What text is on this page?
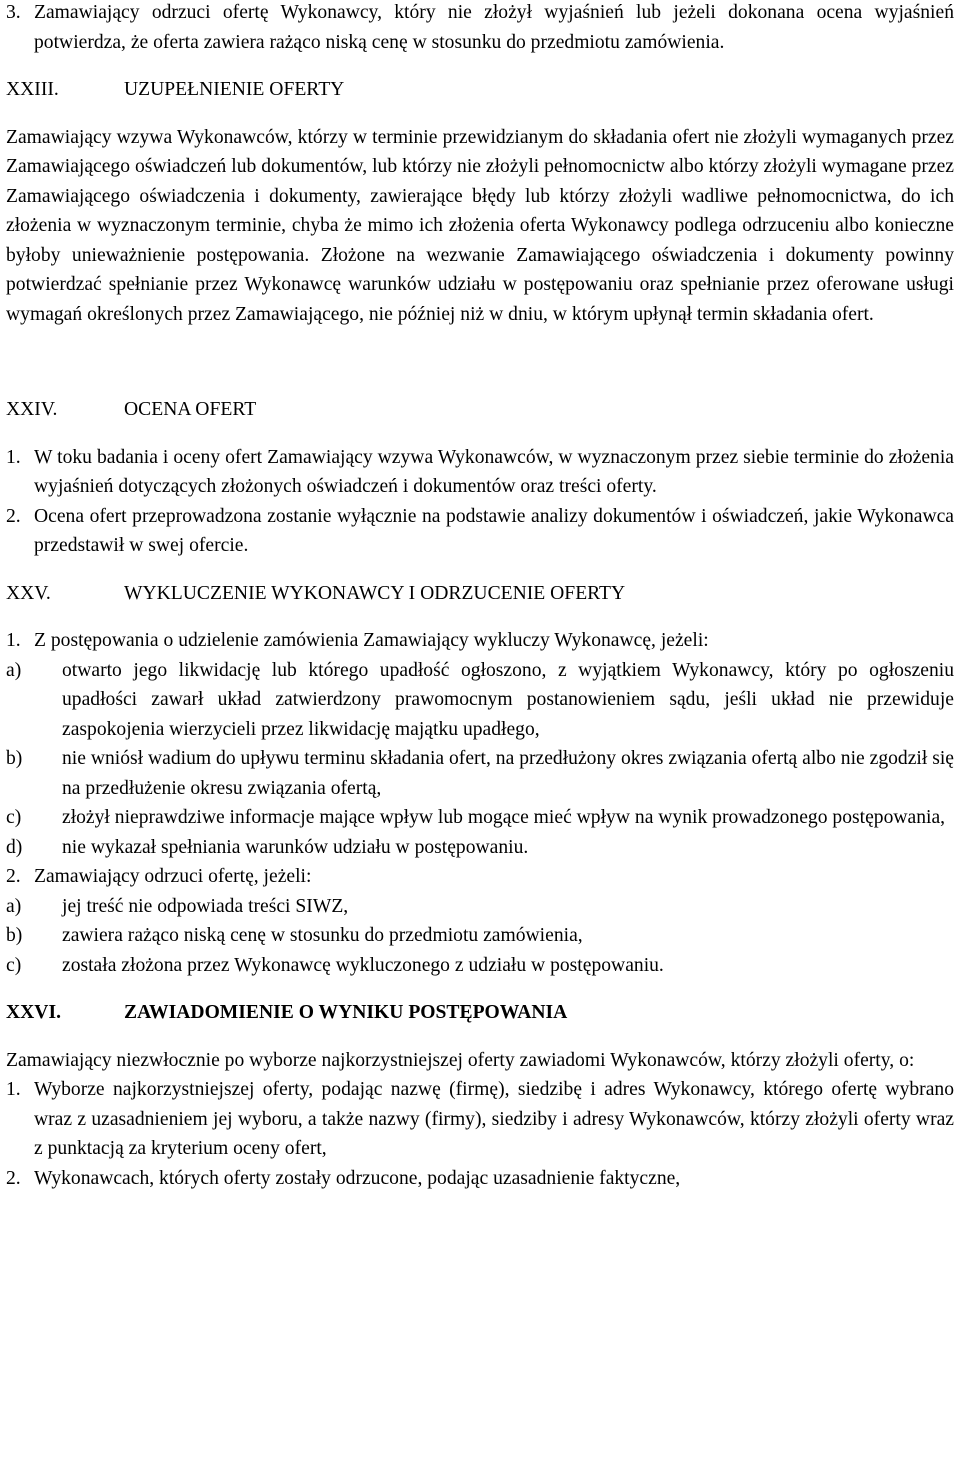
3. Zamawiający odrzuci ofertę Wykonawcy, który nie złożył wyjaśnień lub jeżeli dokonana ocena wyjaśnień potwierdza, że oferta zawiera rażąco niską cenę w stosunku do przedmiotu zamówienia.
XXIII.	UZUPEŁNIENIE OFERTY

Zamawiający wzywa Wykonawców, którzy w terminie przewidzianym do składania ofert nie złożyli wymaganych przez Zamawiającego oświadczeń lub dokumentów, lub którzy nie złożyli pełnomocnictw albo którzy złożyli wymagane przez Zamawiającego oświadczenia i dokumenty, zawierające błędy lub którzy złożyli wadliwe pełnomocnictwa, do ich złożenia w wyznaczonym terminie, chyba że mimo ich złożenia oferta Wykonawcy podlega odrzuceniu albo konieczne byłoby unieważnienie postępowania. Złożone na wezwanie Zamawiającego oświadczenia i dokumenty powinny potwierdzać spełnianie przez Wykonawcę warunków udziału w postępowaniu oraz spełnianie przez oferowane usługi wymagań określonych przez Zamawiającego, nie później niż w dniu, w którym upłynął termin składania ofert.

XXIV.	OCENA OFERT
1. W toku badania i oceny ofert Zamawiający wzywa Wykonawców, w wyznaczonym przez siebie terminie do złożenia wyjaśnień dotyczących złożonych oświadczeń i dokumentów oraz treści oferty.
2. Ocena ofert przeprowadzona zostanie wyłącznie na podstawie analizy dokumentów i oświadczeń, jakie Wykonawca przedstawił w swej ofercie.
XXV.	WYKLUCZENIE WYKONAWCY I ODRZUCENIE OFERTY
1. Z postępowania o udzielenie zamówienia Zamawiający wykluczy Wykonawcę, jeżeli:
a)	otwarto jego likwidację lub którego upadłość ogłoszono, z wyjątkiem Wykonawcy, który po ogłoszeniu upadłości zawarł układ zatwierdzony prawomocnym postanowieniem sądu, jeśli układ nie przewiduje zaspokojenia wierzycieli przez likwidację majątku upadłego,
b)	nie wniósł wadium do upływu terminu składania ofert, na przedłużony okres związania ofertą albo nie zgodził się na przedłużenie okresu związania ofertą,
c)	złożył nieprawdziwe informacje mające wpływ lub mogące mieć wpływ na wynik prowadzonego postępowania,
d)	nie wykazał spełniania warunków udziału w postępowaniu.
2. Zamawiający odrzuci ofertę, jeżeli:
a)	jej treść nie odpowiada treści SIWZ,
b)	zawiera rażąco niską cenę w stosunku do przedmiotu zamówienia,
c)	została złożona przez Wykonawcę wykluczonego z udziału w postępowaniu.
XXVI.	ZAWIADOMIENIE O WYNIKU POSTĘPOWANIA

Zamawiający niezwłocznie po wyborze najkorzystniejszej oferty zawiadomi Wykonawców, którzy złożyli oferty, o:

1. Wyborze najkorzystniejszej oferty, podając nazwę (firmę), siedzibę i adres Wykonawcy, którego ofertę wybrano wraz z uzasadnieniem jej wyboru, a także nazwy (firmy), siedziby i adresy Wykonawców, którzy złożyli oferty wraz z punktacją za kryterium oceny ofert,
2. Wykonawcach, których oferty zostały odrzucone, podając uzasadnienie faktyczne,
